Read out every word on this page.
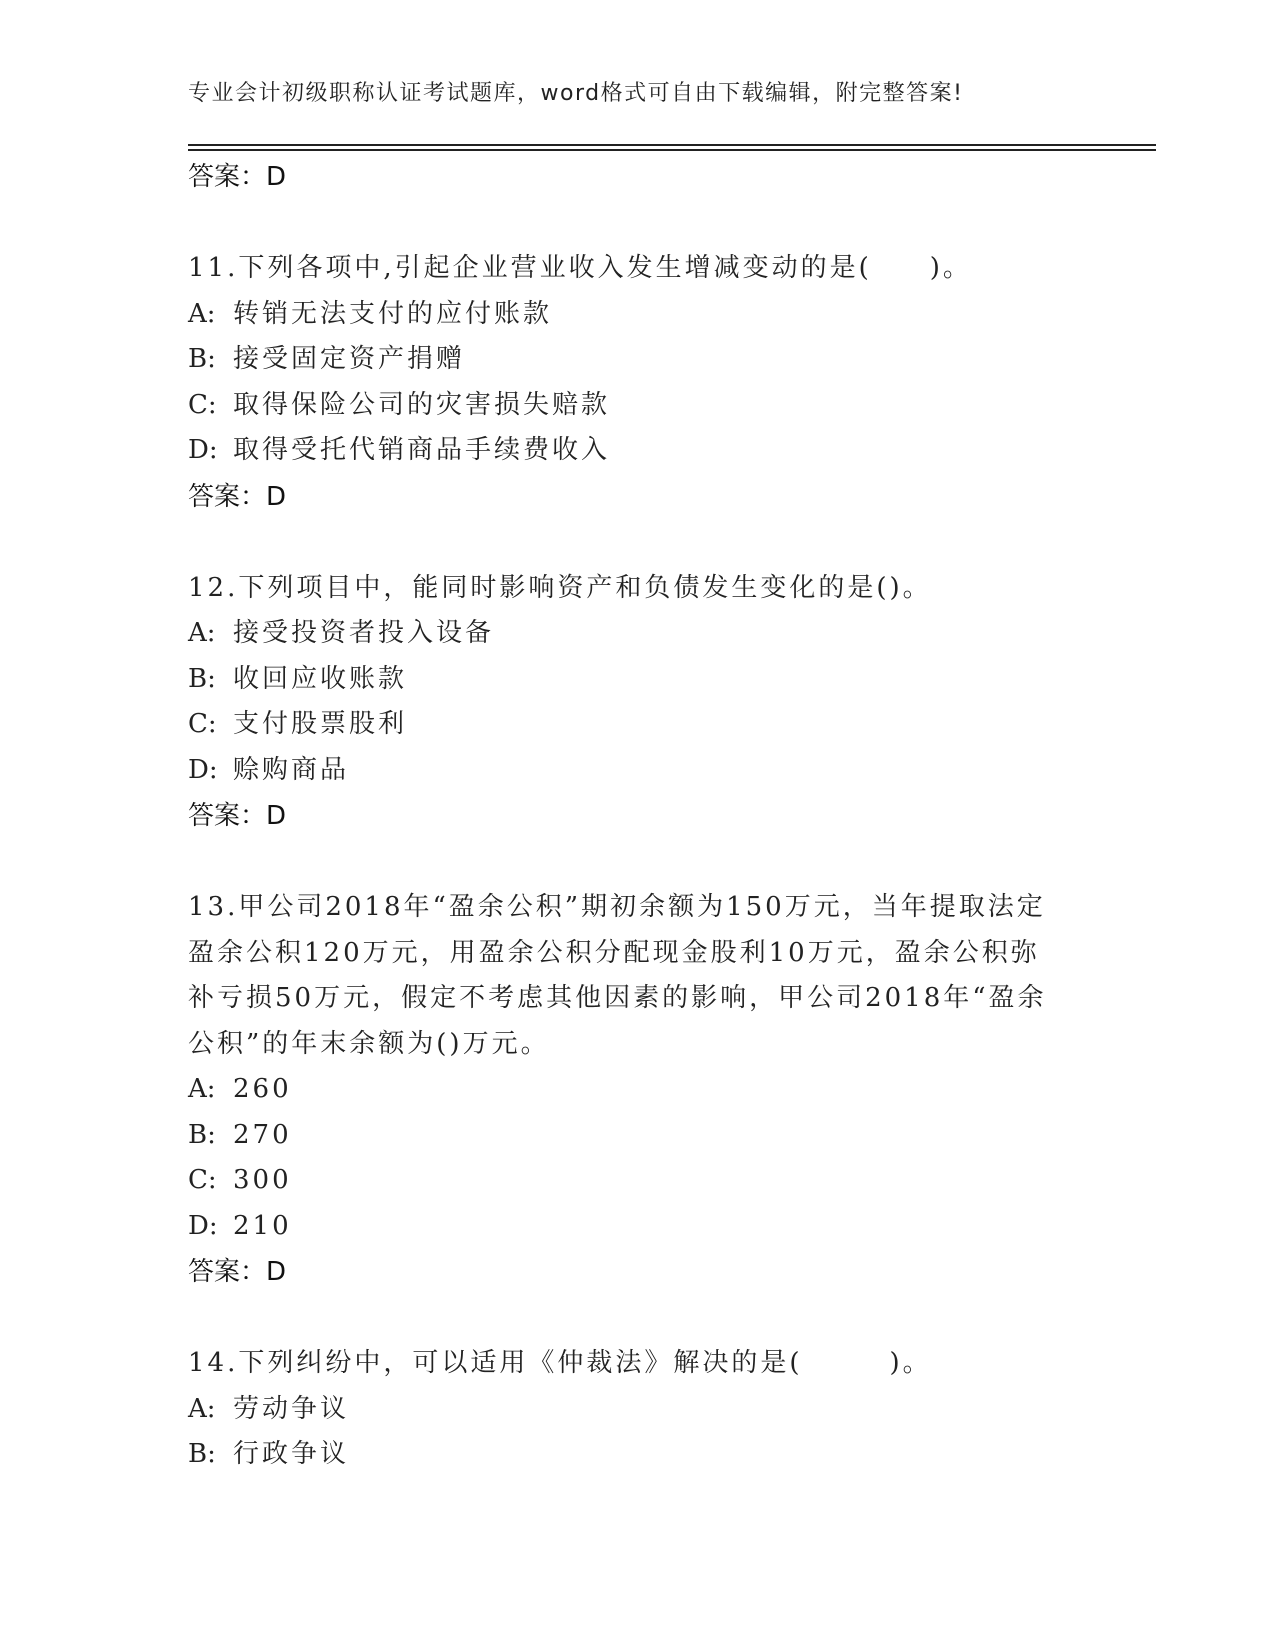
专业会计初级职称认证考试题库，word格式可自由下载编辑，附完整答案!
答案：D

11.下列各项中,引起企业营业收入发生增减变动的是(　　)。

A: 转销无法支付的应付账款
B: 接受固定资产捐赠
C: 取得保险公司的灾害损失赔款
D: 取得受托代销商品手续费收入
答案：D

12.下列项目中，能同时影响资产和负债发生变化的是()。

A: 接受投资者投入设备
B: 收回应收账款
C: 支付股票股利
D: 赊购商品
答案：D

13.甲公司2018年“盈余公积”期初余额为150万元，当年提取法定盈余公积120万元，用盈余公积分配现金股利10万元，盈余公积弥补亏损50万元，假定不考虑其他因素的影响，甲公司2018年“盈余公积”的年末余额为()万元。

A: 260
B: 270
C: 300
D: 210
答案：D

14.下列纠纷中，可以适用《仲裁法》解决的是(　　　)。

A: 劳动争议
B: 行政争议
